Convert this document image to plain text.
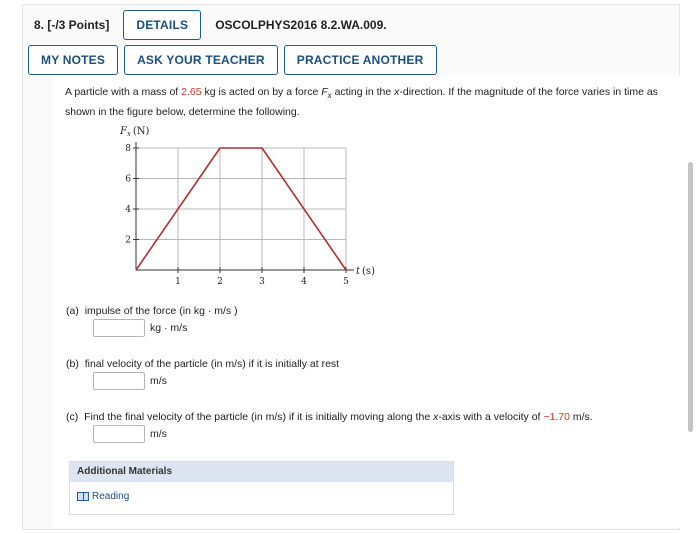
8. [-/3 Points]	DETAILS	OSCOLPHYS2016 8.2.WA.009.
MY NOTES	ASK YOUR TEACHER	PRACTICE ANOTHER
A particle with a mass of 2.65 kg is acted on by a force $F_x$ acting in the x-direction. If the magnitude of the force varies in time as shown in the figure below, determine the following.
1	2	3	4	5
2
4
6
8
$F_x$ (N)
t (s)
(a) impulse of the force (in kg · m/s )
kg · m/s
(b) final velocity of the particle (in m/s) if it is initially at rest
m/s
(c) Find the final velocity of the particle (in m/s) if it is initially moving along the x-axis with a velocity of −1.70 m/s.
m/s
Additional Materials
Reading
